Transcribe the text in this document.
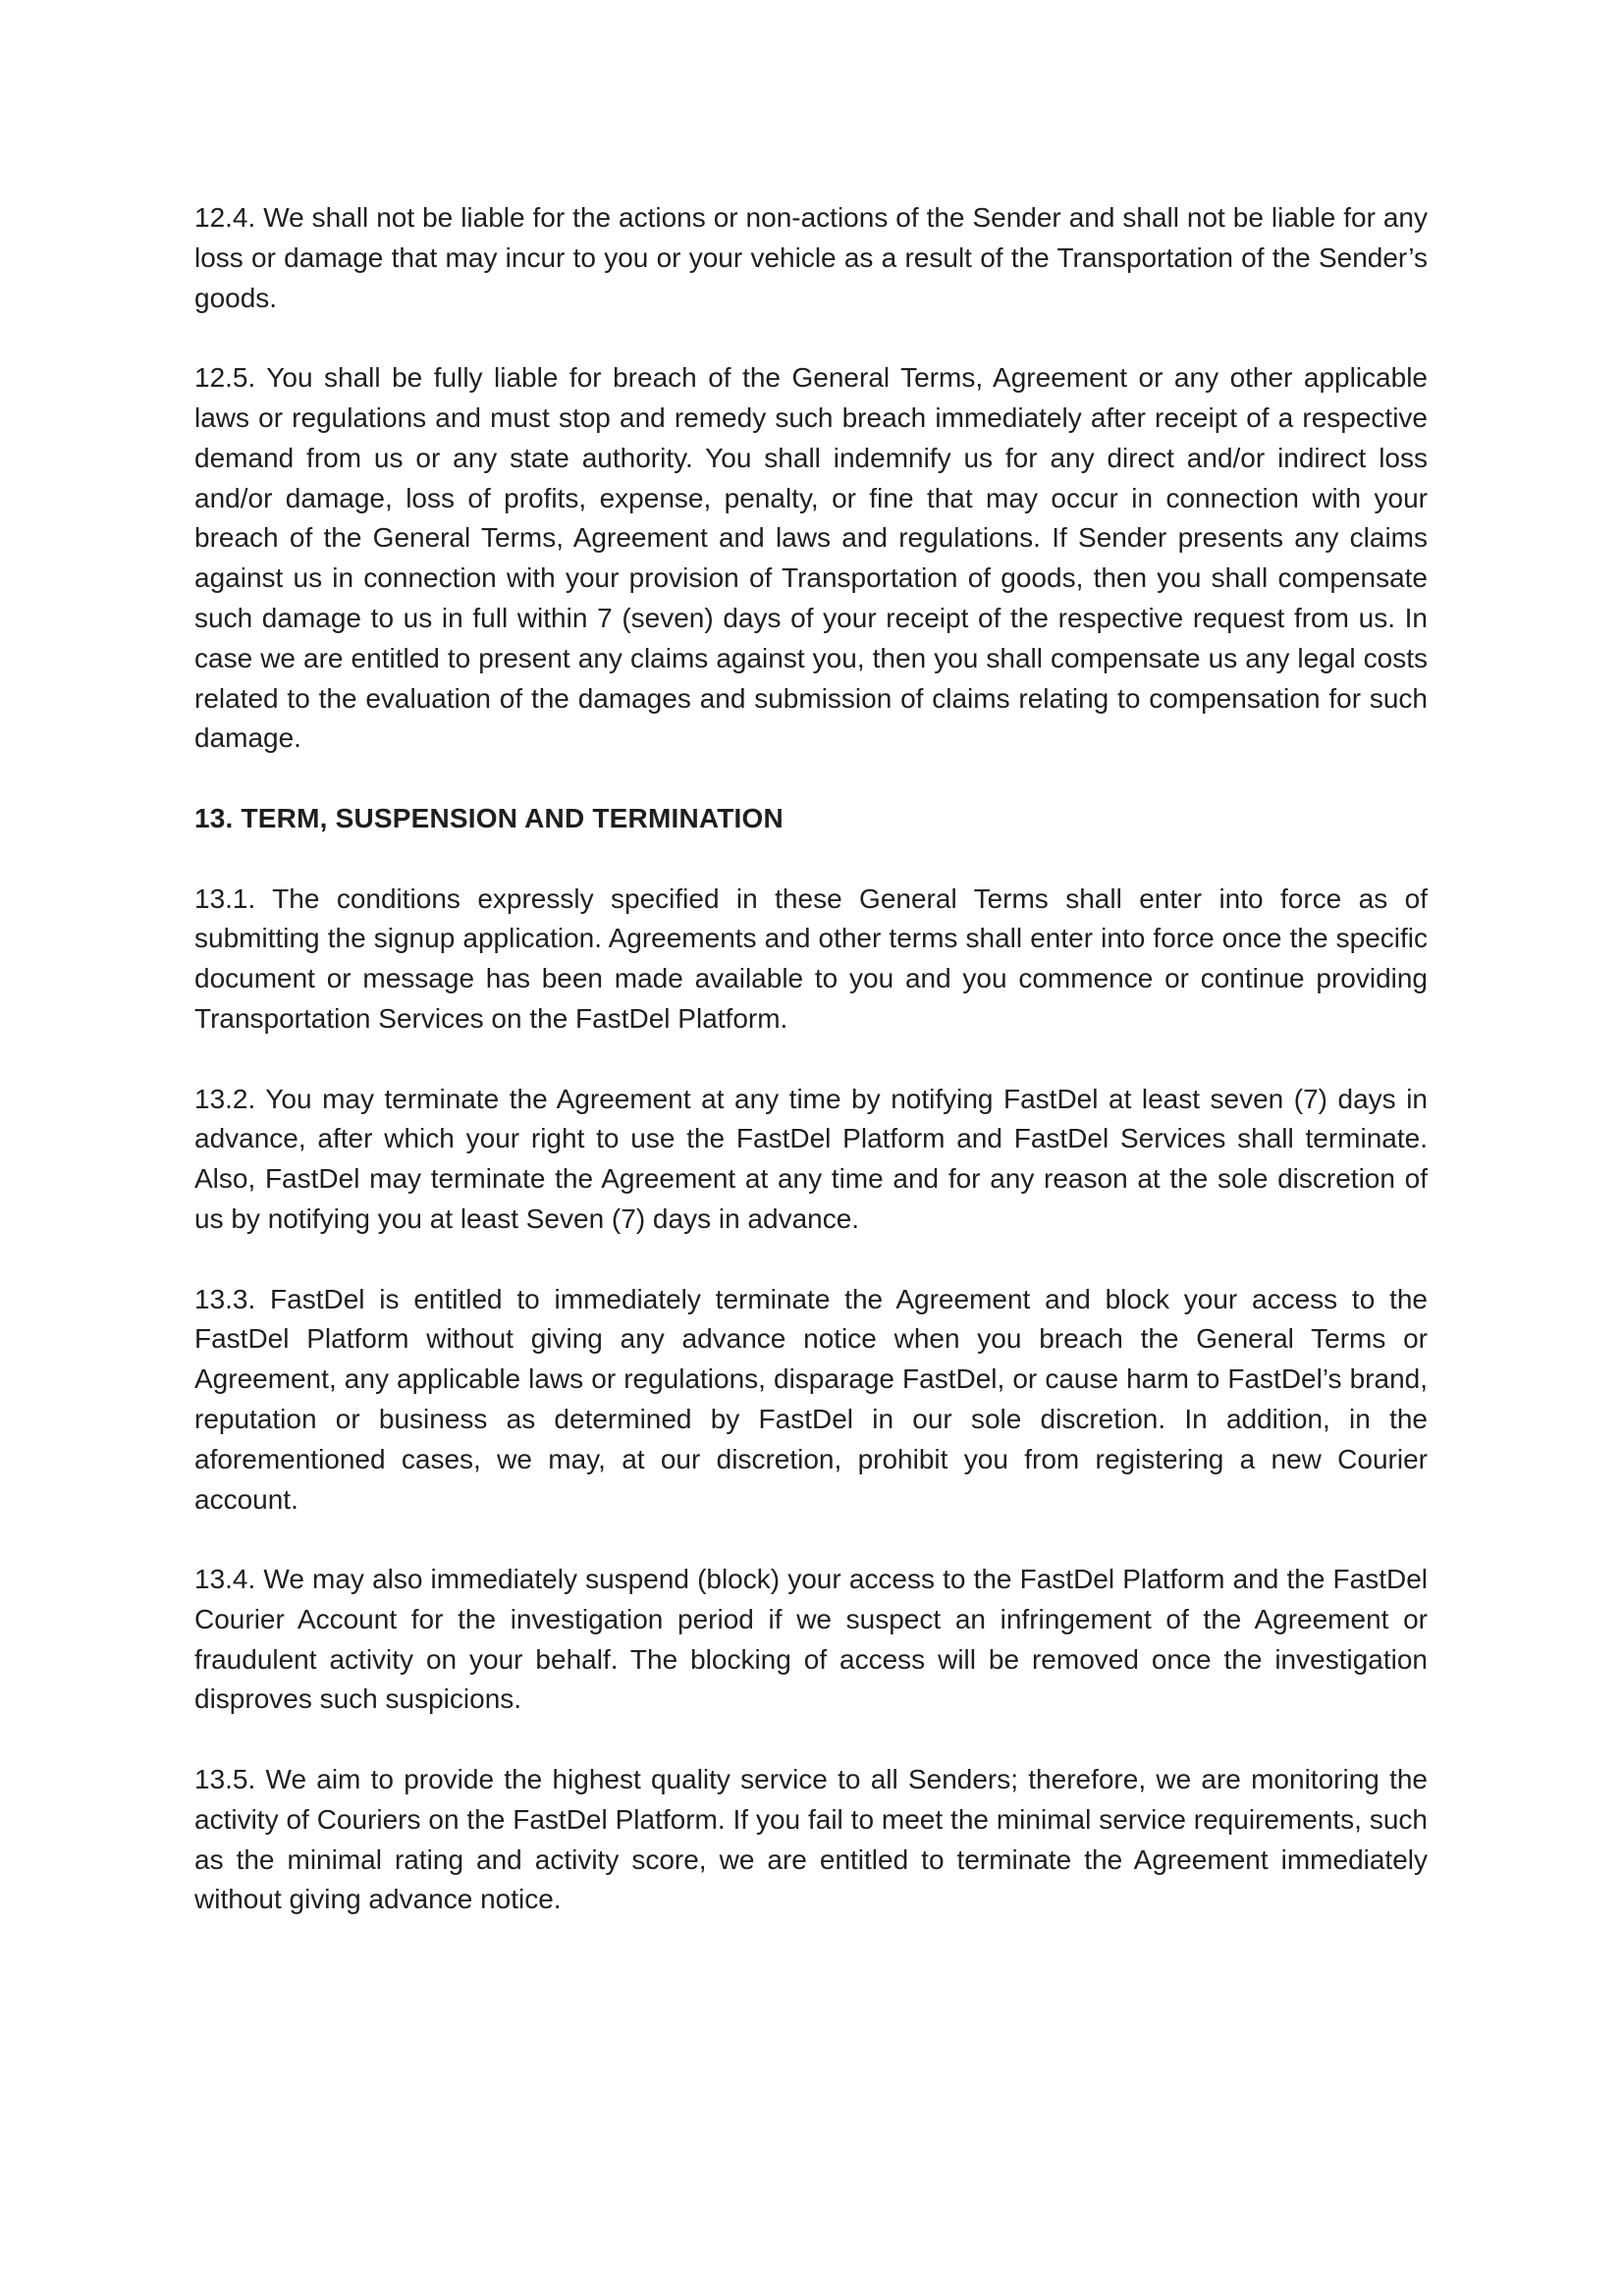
12.4. We shall not be liable for the actions or non-actions of the Sender and shall not be liable for any loss or damage that may incur to you or your vehicle as a result of the Transportation of the Sender’s goods.

12.5. You shall be fully liable for breach of the General Terms, Agreement or any other applicable laws or regulations and must stop and remedy such breach immediately after receipt of a respective demand from us or any state authority. You shall indemnify us for any direct and/or indirect loss and/or damage, loss of profits, expense, penalty, or fine that may occur in connection with your breach of the General Terms, Agreement and laws and regulations. If Sender presents any claims against us in connection with your provision of Transportation of goods, then you shall compensate such damage to us in full within 7 (seven) days of your receipt of the respective request from us. In case we are entitled to present any claims against you, then you shall compensate us any legal costs related to the evaluation of the damages and submission of claims relating to compensation for such damage.

13. TERM, SUSPENSION AND TERMINATION

13.1. The conditions expressly specified in these General Terms shall enter into force as of submitting the signup application. Agreements and other terms shall enter into force once the specific document or message has been made available to you and you commence or continue providing Transportation Services on the FastDel Platform.

13.2. You may terminate the Agreement at any time by notifying FastDel at least seven (7) days in advance, after which your right to use the FastDel Platform and FastDel Services shall terminate. Also, FastDel may terminate the Agreement at any time and for any reason at the sole discretion of us by notifying you at least Seven (7) days in advance.

13.3. FastDel is entitled to immediately terminate the Agreement and block your access to the FastDel Platform without giving any advance notice when you breach the General Terms or Agreement, any applicable laws or regulations, disparage FastDel, or cause harm to FastDel’s brand, reputation or business as determined by FastDel in our sole discretion. In addition, in the aforementioned cases, we may, at our discretion, prohibit you from registering a new Courier account.

13.4. We may also immediately suspend (block) your access to the FastDel Platform and the FastDel Courier Account for the investigation period if we suspect an infringement of the Agreement or fraudulent activity on your behalf. The blocking of access will be removed once the investigation disproves such suspicions.

13.5. We aim to provide the highest quality service to all Senders; therefore, we are monitoring the activity of Couriers on the FastDel Platform. If you fail to meet the minimal service requirements, such as the minimal rating and activity score, we are entitled to terminate the Agreement immediately without giving advance notice.
